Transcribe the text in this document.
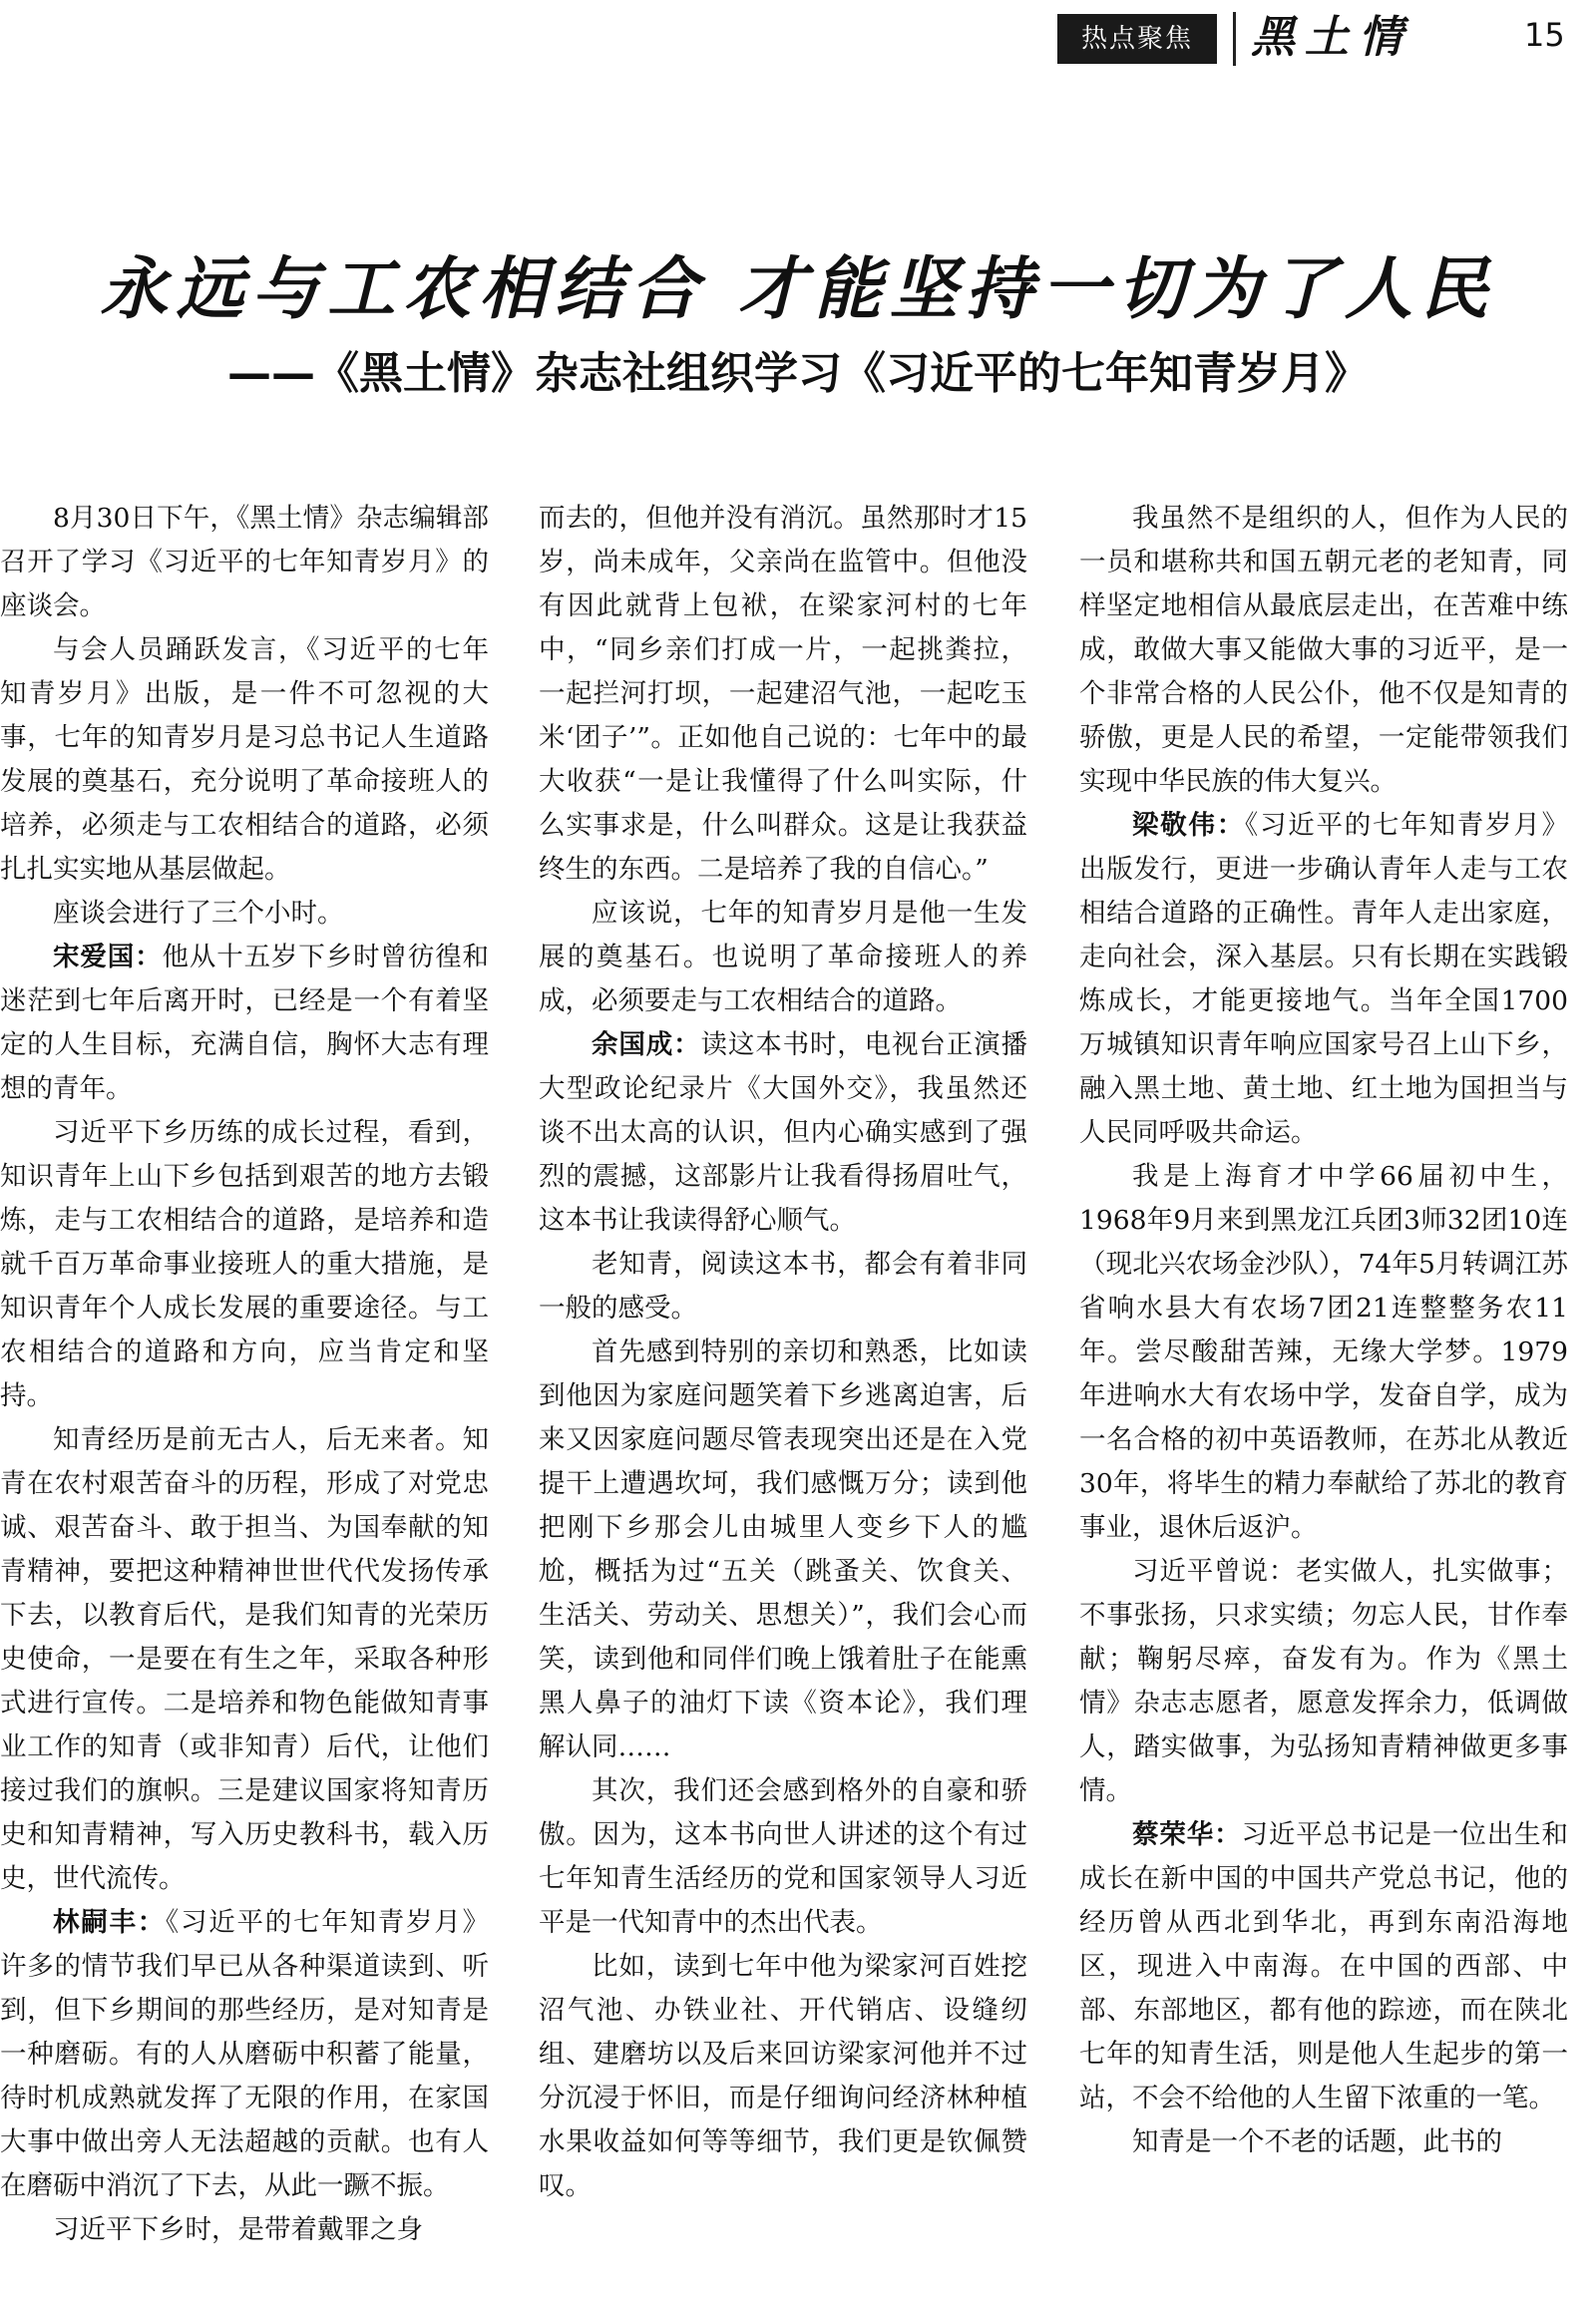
热点聚焦	黑土情	15
永远与工农相结合 才能坚持一切为了人民
——《黑土情》杂志社组织学习《习近平的七年知青岁月》

8月30日下午，《黑土情》杂志编辑部召开了学习《习近平的七年知青岁月》的座谈会。

与会人员踊跃发言，《习近平的七年知青岁月》出版，是一件不可忽视的大事，七年的知青岁月是习总书记人生道路发展的奠基石，充分说明了革命接班人的培养，必须走与工农相结合的道路，必须扎扎实实地从基层做起。

座谈会进行了三个小时。

宋爱国：他从十五岁下乡时曾彷徨和迷茫到七年后离开时，已经是一个有着坚定的人生目标，充满自信，胸怀大志有理想的青年。

习近平下乡历练的成长过程，看到，知识青年上山下乡包括到艰苦的地方去锻炼，走与工农相结合的道路，是培养和造就千百万革命事业接班人的重大措施，是知识青年个人成长发展的重要途径。与工农相结合的道路和方向，应当肯定和坚持。

知青经历是前无古人，后无来者。知青在农村艰苦奋斗的历程，形成了对党忠诚、艰苦奋斗、敢于担当、为国奉献的知青精神，要把这种精神世世代代发扬传承下去，以教育后代，是我们知青的光荣历史使命，一是要在有生之年，采取各种形式进行宣传。二是培养和物色能做知青事业工作的知青（或非知青）后代，让他们接过我们的旗帜。三是建议国家将知青历史和知青精神，写入历史教科书，载入历史，世代流传。

林嗣丰：《习近平的七年知青岁月》许多的情节我们早已从各种渠道读到、听到，但下乡期间的那些经历，是对知青是一种磨砺。有的人从磨砺中积蓄了能量，待时机成熟就发挥了无限的作用，在家国大事中做出旁人无法超越的贡献。也有人在磨砺中消沉了下去，从此一蹶不振。

习近平下乡时，是带着戴罪之身

而去的，但他并没有消沉。虽然那时才15岁，尚未成年，父亲尚在监管中。但他没有因此就背上包袱，在梁家河村的七年中，“同乡亲们打成一片，一起挑粪拉，一起拦河打坝，一起建沼气池，一起吃玉米‘团子’”。正如他自己说的：七年中的最大收获“一是让我懂得了什么叫实际，什么实事求是，什么叫群众。这是让我获益终生的东西。二是培养了我的自信心。”

应该说，七年的知青岁月是他一生发展的奠基石。也说明了革命接班人的养成，必须要走与工农相结合的道路。

余国成：读这本书时，电视台正演播大型政论纪录片《大国外交》，我虽然还谈不出太高的认识，但内心确实感到了强烈的震撼，这部影片让我看得扬眉吐气，这本书让我读得舒心顺气。

老知青，阅读这本书，都会有着非同一般的感受。

首先感到特别的亲切和熟悉，比如读到他因为家庭问题笑着下乡逃离迫害，后来又因家庭问题尽管表现突出还是在入党提干上遭遇坎坷，我们感慨万分；读到他把刚下乡那会儿由城里人变乡下人的尴尬，概括为过“五关（跳蚤关、饮食关、生活关、劳动关、思想关）”，我们会心而笑，读到他和同伴们晚上饿着肚子在能熏黑人鼻子的油灯下读《资本论》，我们理解认同……

其次，我们还会感到格外的自豪和骄傲。因为，这本书向世人讲述的这个有过七年知青生活经历的党和国家领导人习近平是一代知青中的杰出代表。

比如，读到七年中他为梁家河百姓挖沼气池、办铁业社、开代销店、设缝纫组、建磨坊以及后来回访梁家河他并不过分沉浸于怀旧，而是仔细询问经济林种植水果收益如何等等细节，我们更是钦佩赞叹。

我虽然不是组织的人，但作为人民的一员和堪称共和国五朝元老的老知青，同样坚定地相信从最底层走出，在苦难中练成，敢做大事又能做大事的习近平，是一个非常合格的人民公仆，他不仅是知青的骄傲，更是人民的希望，一定能带领我们实现中华民族的伟大复兴。

梁敬伟：《习近平的七年知青岁月》出版发行，更进一步确认青年人走与工农相结合道路的正确性。青年人走出家庭，走向社会，深入基层。只有长期在实践锻炼成长，才能更接地气。当年全国1700万城镇知识青年响应国家号召上山下乡，融入黑土地、黄土地、红土地为国担当与人民同呼吸共命运。

我是上海育才中学66届初中生，1968年9月来到黑龙江兵团3师32团10连（现北兴农场金沙队），74年5月转调江苏省响水县大有农场7团21连整整务农11年。尝尽酸甜苦辣，无缘大学梦。1979年进响水大有农场中学，发奋自学，成为一名合格的初中英语教师，在苏北从教近30年，将毕生的精力奉献给了苏北的教育事业，退休后返沪。

习近平曾说：老实做人，扎实做事；不事张扬，只求实绩；勿忘人民，甘作奉献；鞠躬尽瘁，奋发有为。作为《黑土情》杂志志愿者，愿意发挥余力，低调做人，踏实做事，为弘扬知青精神做更多事情。

蔡荣华：习近平总书记是一位出生和成长在新中国的中国共产党总书记，他的经历曾从西北到华北，再到东南沿海地区，现进入中南海。在中国的西部、中部、东部地区，都有他的踪迹，而在陕北七年的知青生活，则是他人生起步的第一站，不会不给他的人生留下浓重的一笔。

知青是一个不老的话题，此书的
